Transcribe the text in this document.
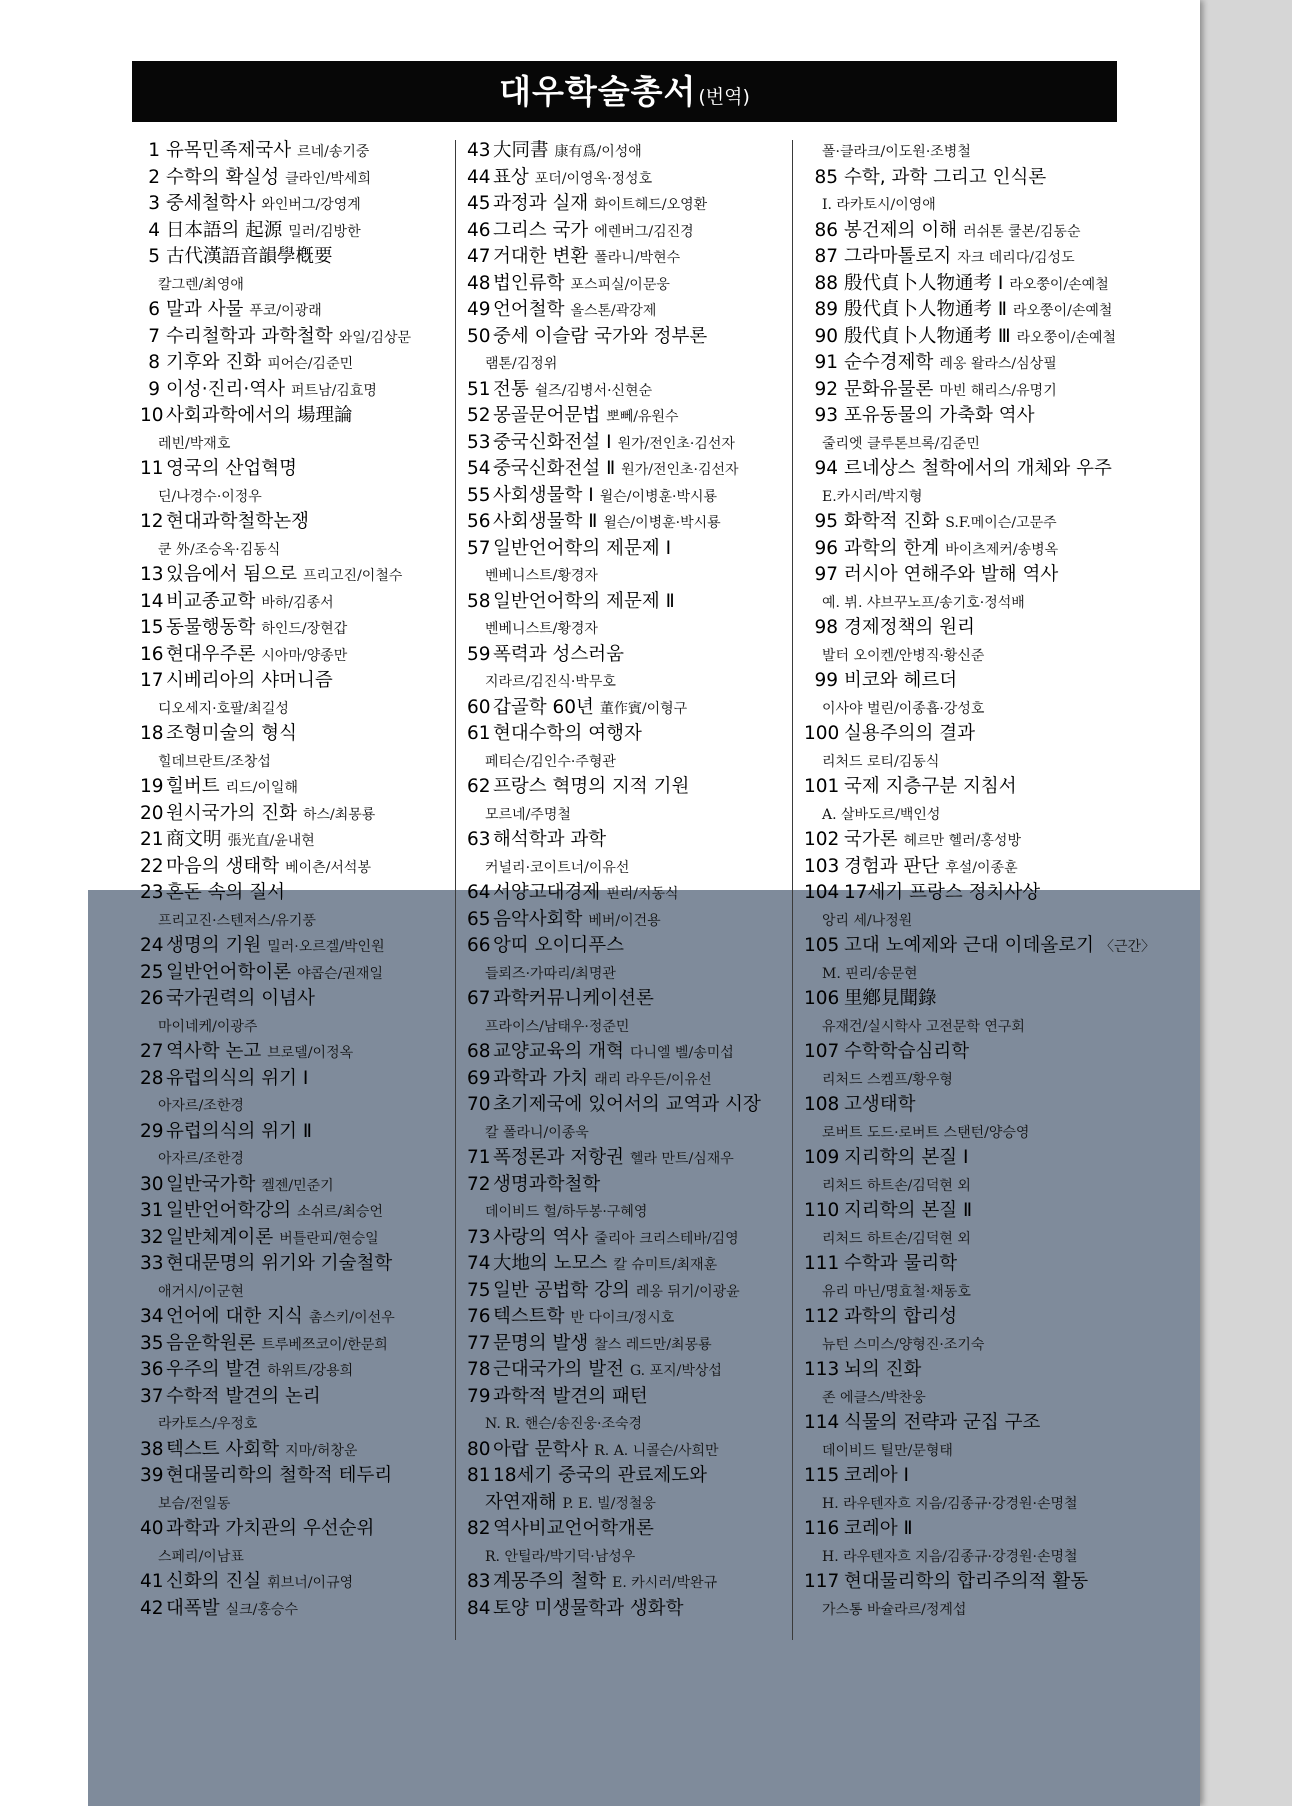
대우학술총서 (번역)
1 유목민족제국사 르네/송기중
2 수학의 확실성 클라인/박세희
3 중세철학사 와인버그/강영계
4 日本語의 起源 밀러/김방한
5 古代漢語音韻學槪要
칼그렌/최영애
6 말과 사물 푸코/이광래
7 수리철학과 과학철학 와일/김상문
8 기후와 진화 피어슨/김준민
9 이성·진리·역사 퍼트남/김효명
10 사회과학에서의 場理論
레빈/박재호
11 영국의 산업혁명
딘/나경수·이정우
12 현대과학철학논쟁
쿤 外/조승옥·김동식
13 있음에서 됨으로 프리고진/이철수
14 비교종교학 바하/김종서
15 동물행동학 하인드/장현갑
16 현대우주론 시아마/양종만
17 시베리아의 샤머니즘
디오세지·호팔/최길성
18 조형미술의 형식
힐데브란트/조창섭
19 힐버트 리드/이일해
20 원시국가의 진화 하스/최몽룡
21 商文明 張光直/윤내현
22 마음의 생태학 베이츤/서석봉
23 혼돈 속의 질서
프리고진·스텐저스/유기풍
24 생명의 기원 밀러·오르겔/박인원
25 일반언어학이론 야콥슨/권재일
26 국가권력의 이념사
마이네케/이광주
27 역사학 논고 브로델/이정옥
28 유럽의식의 위기 Ⅰ
아자르/조한경
29 유럽의식의 위기 Ⅱ
아자르/조한경
30 일반국가학 켈젠/민준기
31 일반언어학강의 소쉬르/최승언
32 일반체계이론 버틀란피/현승일
33 현대문명의 위기와 기술철학
애거시/이군현
34 언어에 대한 지식 촘스키/이선우
35 음운학원론 트루베쯔코이/한문희
36 우주의 발견 하위트/강용희
37 수학적 발견의 논리
라카토스/우정호
38 텍스트 사회학 지마/허창운
39 현대물리학의 철학적 테두리
보슴/전일동
40 과학과 가치관의 우선순위
스페리/이남표
41 신화의 진실 휘브너/이규영
42 대폭발 실크/홍승수
43 大同書 康有爲/이성애
44 표상 포더/이영옥·정성호
45 과정과 실재 화이트헤드/오영환
46 그리스 국가 에렌버그/김진경
47 거대한 변환 폴라니/박현수
48 법인류학 포스피실/이문웅
49 언어철학 올스톤/곽강제
50 중세 이슬람 국가와 정부론
램톤/김정위
51 전통 쉴즈/김병서·신현순
52 몽골문어문법 뽀뻬/유원수
53 중국신화전설 Ⅰ 원가/전인초·김선자
54 중국신화전설 Ⅱ 원가/전인초·김선자
55 사회생물학 Ⅰ 윌슨/이병훈·박시룡
56 사회생물학 Ⅱ 윌슨/이병훈·박시룡
57 일반언어학의 제문제 Ⅰ
벤베니스트/황경자
58 일반언어학의 제문제 Ⅱ
벤베니스트/황경자
59 폭력과 성스러움
지라르/김진식·박무호
60 갑골학 60년 董作賓/이형구
61 현대수학의 여행자
페티슨/김인수·주형관
62 프랑스 혁명의 지적 기원
모르네/주명철
63 해석학과 과학
커널리·코이트너/이유선
64 서양고대경제 핀리/지동식
65 음악사회학 베버/이건용
66 앙띠 오이디푸스
들뢰즈·가따리/최명관
67 과학커뮤니케이션론
프라이스/남태우·정준민
68 교양교육의 개혁 다니엘 벨/송미섭
69 과학과 가치 래리 라우든/이유선
70 초기제국에 있어서의 교역과 시장
칼 폴라니/이종욱
71 폭정론과 저항권 헬라 만트/심재우
72 생명과학철학
데이비드 헐/하두봉·구혜영
73 사랑의 역사 줄리아 크리스테바/김영
74 大地의 노모스 칼 슈미트/최재훈
75 일반 공법학 강의 레옹 뒤기/이광윤
76 텍스트학 반 다이크/정시호
77 문명의 발생 찰스 레드만/최몽룡
78 근대국가의 발전 G. 포지/박상섭
79 과학적 발견의 패턴
N. R. 핸슨/송진웅·조숙경
80 아랍 문학사 R. A. 니콜슨/사희만
81 18세기 중국의 관료제도와
자연재해 P. E. 빌/정철웅
82 역사비교언어학개론
R. 안틸라/박기덕·남성우
83 계몽주의 철학 E. 카시러/박완규
84 토양 미생물학과 생화학
폴·클라크/이도원·조병철
85 수학, 과학 그리고 인식론
I. 라카토시/이영애
86 봉건제의 이해 러쉬톤 쿨본/김동순
87 그라마톨로지 자크 데리다/김성도
88 殷代貞卜人物通考 Ⅰ 라오쭝이/손예철
89 殷代貞卜人物通考 Ⅱ 라오쭝이/손예철
90 殷代貞卜人物通考 Ⅲ 라오쭝이/손예철
91 순수경제학 레옹 왈라스/심상필
92 문화유물론 마빈 해리스/유명기
93 포유동물의 가축화 역사
줄리엣 클루톤브록/김준민
94 르네상스 철학에서의 개체와 우주
E.카시러/박지형
95 화학적 진화 S.F.메이슨/고문주
96 과학의 한계 바이츠제커/송병옥
97 러시아 연해주와 발해 역사
예. 뷔. 샤브꾸노프/송기호·정석배
98 경제정책의 원리
발터 오이켄/안병직·황신준
99 비코와 헤르더
이사야 벌린/이종흡·강성호
100 실용주의의 결과
리처드 로티/김동식
101 국제 지층구분 지침서
A. 살바도르/백인성
102 국가론 헤르만 헬러/홍성방
103 경험과 판단 후설/이종훈
104 17세기 프랑스 정치사상
앙리 세/나정원
105 고대 노예제와 근대 이데올로기 〈근간〉
M. 핀리/송문현
106 里鄕見聞錄
유재건/실시학사 고전문학 연구회
107 수학학습심리학
리처드 스켐프/황우형
108 고생태학
로버트 도드·로버트 스탠턴/양승영
109 지리학의 본질 Ⅰ
리처드 하트손/김덕현 외
110 지리학의 본질 Ⅱ
리처드 하트손/김덕현 외
111 수학과 물리학
유리 마닌/명효철·채동호
112 과학의 합리성
뉴턴 스미스/양형진·조기숙
113 뇌의 진화
존 에클스/박찬웅
114 식물의 전략과 군집 구조
데이비드 틸만/문형태
115 코레아 Ⅰ
H. 라우텐자흐 지음/김종규·강경원·손명철
116 코레아 Ⅱ
H. 라우텐자흐 지음/김종규·강경원·손명철
117 현대물리학의 합리주의적 활동
가스통 바슐라르/정계섭
